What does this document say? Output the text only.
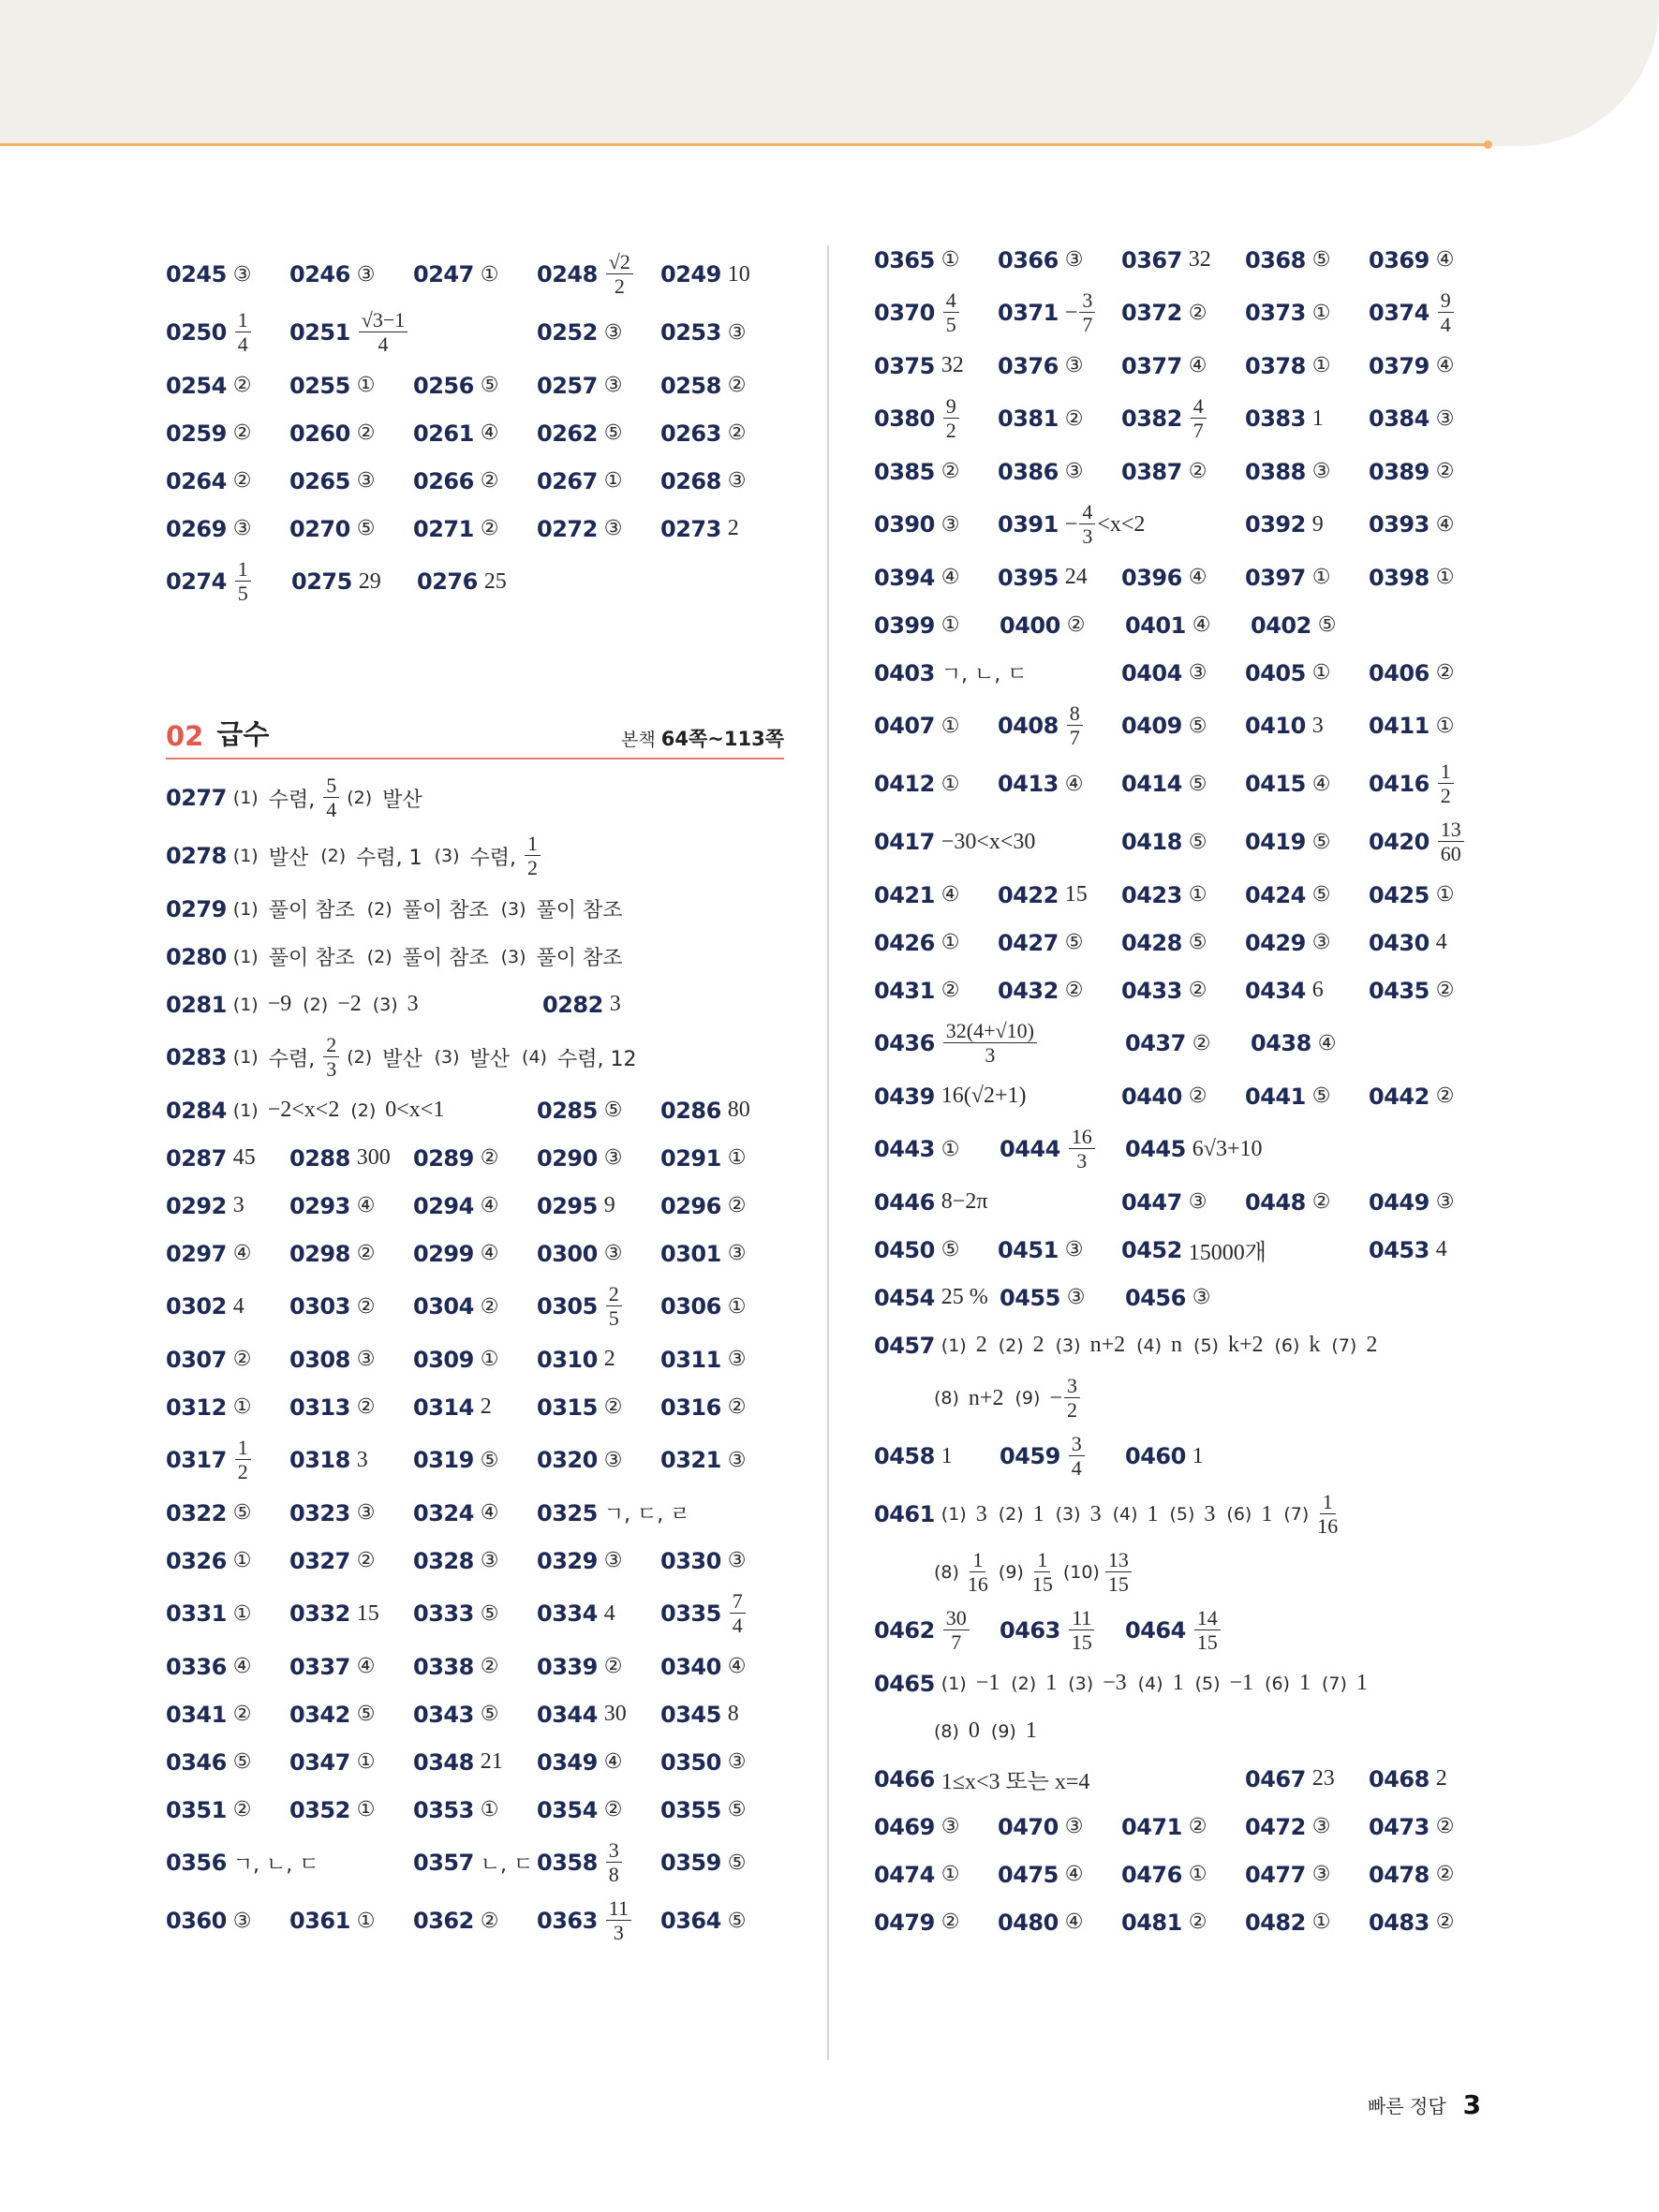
0245 ③ 0246 ③ 0247 ① $0248 \frac{√2}{2} 0249$ 10
$0250 \frac{1}{4} 0251 \frac{√3-1}{4}$	0252 ③ 0253 ③
0254 ② 0255 ① 0256 ⑤ 0257 ③ 0258 ②
0259 ② 0260 ② 0261 ④ 0262 ⑤ 0263 ②
0264 ② 0265 ③ 0266 ② 0267 ① 0268 ③
0269 ③ 0270 ⑤ 0271 ② 0272 ③ 0273 2
$0274 \frac{1}{5} 0275$ 29 0276 25
02 급수	본책 64쪽~113쪽
0277 (1) 수렴, $\frac{5}{4} (2)$ 발산
0278 (1) 발산 (2) 수렴, 1 (3) 수렴, $\frac{1}{2}$
0279 (1) 풀이 참조 (2) 풀이 참조 (3) 풀이 참조
0280 (1) 풀이 참조 (2) 풀이 참조 (3) 풀이 참조
0281 (1) −9 (2) −2 (3) 3	0282 3
0283 (1) 수렴, $\frac{2}{3} (2)$ 발산 (3) 발산 (4) 수렴, 12
0284 (1) −2<x<2 (2) 0<x<1	0285 ⑤ 0286 80
0287 45 0288 300 0289 ② 0290 ③ 0291 ①
0292 3 0293 ④ 0294 ④ 0295 9 0296 ②
0297 ④ 0298 ② 0299 ④ 0300 ③ 0301 ③
0302 4 0303 ② 0304 ② $0305 \frac{2}{5} 0306$ ①
0307 ② 0308 ③ 0309 ① 0310 2 0311 ③
0312 ① 0313 ② 0314 2 0315 ② 0316 ②
$0317 \frac{1}{2} 0318$ 3 0319 ⑤ 0320 ③ 0321 ③
0322 ⑤ 0323 ③ 0324 ④ 0325 ㄱ, ㄷ, ㄹ
0326 ① 0327 ② 0328 ③ 0329 ③ 0330 ③
0331 ① 0332 15 0333 ⑤ 0334 4 $0335 \frac{7}{4}$
0336 ④ 0337 ④ 0338 ② 0339 ② 0340 ④
0341 ② 0342 ⑤ 0343 ⑤ 0344 30 0345 8
0346 ⑤ 0347 ① 0348 21 0349 ④ 0350 ③
0351 ② 0352 ① 0353 ① 0354 ② 0355 ⑤
0356 ㄱ, ㄴ, ㄷ	0357 ㄴ, ㄷ $0358 \frac{3}{8} 0359$ ⑤
0360 ③ 0361 ① 0362 ② $0363 \frac{11}{3} 0364$ ⑤
0365 ① 0366 ③ 0367 32 0368 ⑤ 0369 ④
$0370 \frac{4}{5} 0371 - \frac{3}{7} 0372$ ② 0373 ① $0374 \frac{9}{4}$
0375 32 0376 ③ 0377 ④ 0378 ① 0379 ④
$0380 \frac{9}{2} 0381$ ② $0382 \frac{4}{7} 0383$ 1 0384 ③
0385 ② 0386 ③ 0387 ② 0388 ③ 0389 ②
0390 ③ $0391 - \frac{4}{3} <x<2$	0392 9 0393 ④
0394 ④ 0395 24 0396 ④ 0397 ① 0398 ①
0399 ① 0400 ② 0401 ④ 0402 ⑤
0403 ㄱ, ㄴ, ㄷ	0404 ③ 0405 ① 0406 ②
0407 ① $0408 \frac{8}{7} 0409$ ⑤ 0410 3 0411 ①
0412 ① 0413 ④ 0414 ⑤ 0415 ④ $0416 \frac{1}{2}$
0417 −30<x<30	0418 ⑤ 0419 ⑤ $0420 \frac{13}{60}$
0421 ④ 0422 15 0423 ① 0424 ⑤ 0425 ①
0426 ① 0427 ⑤ 0428 ⑤ 0429 ③ 0430 4
0431 ② 0432 ② 0433 ② 0434 6 0435 ②
$0436 \frac{32(4+√10)}{3}$	0437 ② 0438 ④
0439 16(√2+1)	0440 ② 0441 ⑤ 0442 ②
0443 ① $0444 \frac{16}{3} 0445$ 6√3+10
0446 8−2π	0447 ③ 0448 ② 0449 ③
0450 ⑤ 0451 ③ 0452 15000개	0453 4
0454 25 % 0455 ③ 0456 ③
0457 (1) 2 (2) 2 (3) n+2 (4) n (5) k+2 (6) k (7) 2
(8) n+2 $(9) - \frac{3}{2}$
0458 1 $0459 \frac{3}{4} 0460$ 1
0461 (1) 3 (2) 1 (3) 3 (4) 1 (5) 3 (6) 1 $(7) \frac{1}{16}$
$(8) \frac{1}{16} (9) \frac{1}{15} (10) \frac{13}{15}$
$0462 \frac{30}{7} 0463 \frac{11}{15} 0464 \frac{14}{15}$
0465 (1) −1 (2) 1 (3) −3 (4) 1 (5) −1 (6) 1 (7) 1
(8) 0 (9) 1
0466 1≤x<3 또는 x=4	0467 23 0468 2
0469 ③ 0470 ③ 0471 ② 0472 ③ 0473 ②
0474 ① 0475 ④ 0476 ① 0477 ③ 0478 ②
0479 ② 0480 ④ 0481 ② 0482 ① 0483 ②
빠른 정답 3
